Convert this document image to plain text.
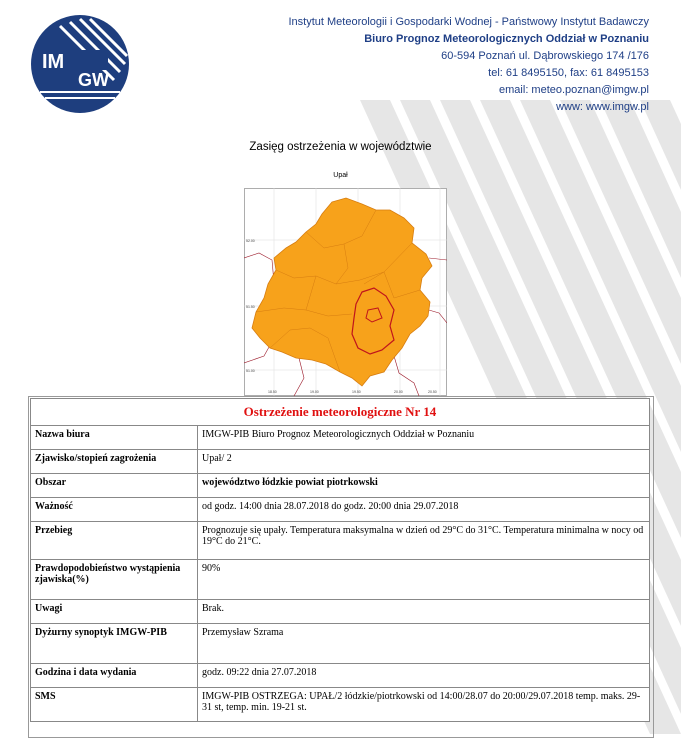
IM
GW
Instytut Meteorologii i Gospodarki Wodnej - Państwowy Instytut Badawczy
Biuro Prognoz Meteorologicznych Oddział w Poznaniu
60-594 Poznań ul. Dąbrowskiego 174 /176
tel: 61 8495150, fax: 61 8495153
email: meteo.poznan@imgw.pl
www: www.imgw.pl
Zasięg ostrzeżenia w województwie
Upał
52.00
51.50
51.00
18.50	19.00	19.50	20.00	20.50
Ostrzeżenie meteorologiczne Nr 14	
Nazwa biura	IMGW-PIB Biuro Prognoz Meteorologicznych Oddział w Poznaniu
Zjawisko/stopień zagrożenia	Upał/ 2
Obszar	województwo łódzkie powiat piotrkowski
Ważność	od godz. 14:00 dnia 28.07.2018 do godz. 20:00 dnia 29.07.2018
Przebieg	Prognozuje się upały. Temperatura maksymalna w dzień od 29°C do 31°C. Temperatura minimalna w nocy od 19°C do 21°C.
Prawdopodobieństwo wystąpienia zjawiska(%)	90%
Uwagi	Brak.
Dyżurny synoptyk IMGW-PIB	Przemysław Szrama
Godzina i data wydania	godz. 09:22 dnia 27.07.2018
SMS	IMGW-PIB OSTRZEGA: UPAŁ/2 łódzkie/piotrkowski od 14:00/28.07 do 20:00/29.07.2018 temp. maks. 29-31 st, temp. min. 19-21 st.
